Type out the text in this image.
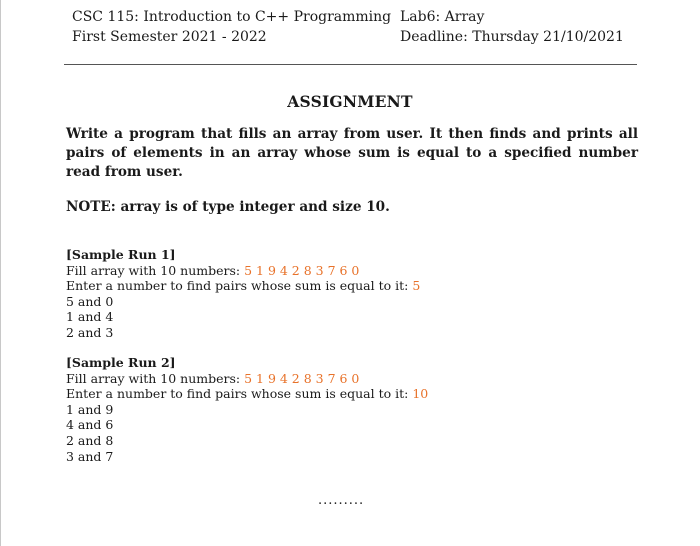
CSC 115: Introduction to C++ Programming
First Semester 2021 - 2022
Lab6: Array
Deadline: Thursday 21/10/2021
ASSIGNMENT
Write a program that fills an array from user. It then finds and prints all pairs of elements in an array whose sum is equal to a specified number read from user.
NOTE: array is of type integer and size 10.
[Sample Run 1]
Fill array with 10 numbers: 5 1 9 4 2 8 3 7 6 0
Enter a number to find pairs whose sum is equal to it: 5
5 and 0
1 and 4
2 and 3
[Sample Run 2]
Fill array with 10 numbers: 5 1 9 4 2 8 3 7 6 0
Enter a number to find pairs whose sum is equal to it: 10
1 and 9
4 and 6
2 and 8
3 and 7
.........
